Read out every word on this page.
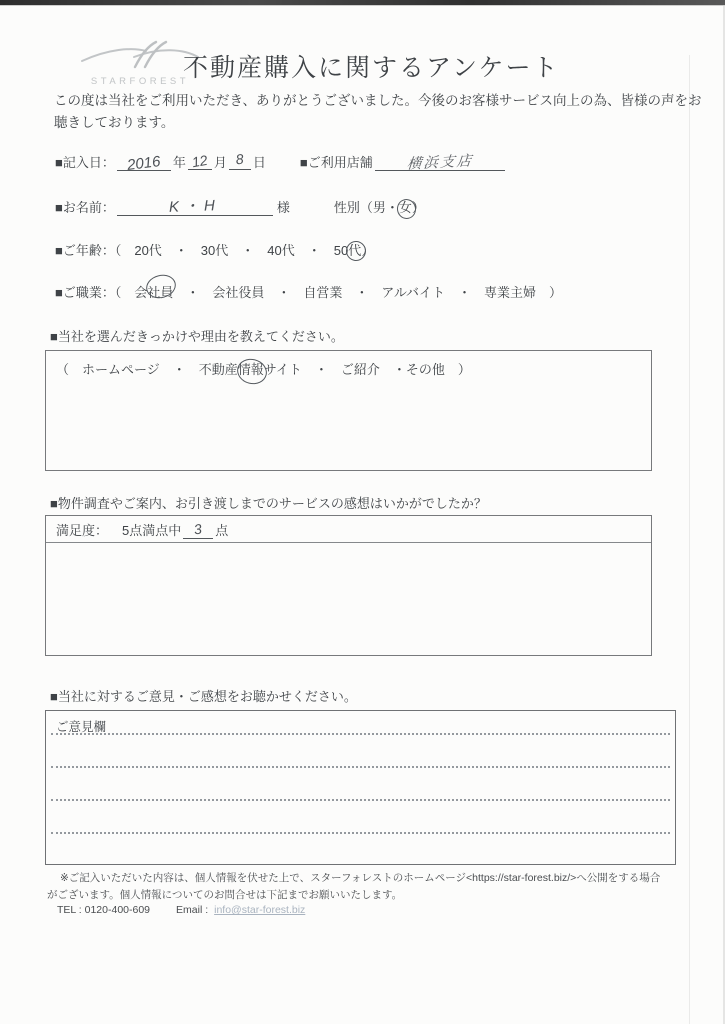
STARFOREST
不動産購入に関するアンケート
この度は当社をご利用いただき、ありがとうございました。今後のお客様サービス向上の為、皆様の声をお聴きしております。
■記入日： 2016 年 12 月 8 日	■ご利用店舗 横浜支店
■お名前：	K・H	様	性別（男・女）
■ご年齢：（　20代　・　30代　・　40代　・　50代）
■ご職業：（　会社員　・　会社役員　・　自営業　・　アルバイト　・　専業主婦　）
■当社を選んだきっかけや理由を教えてください。
（　ホームページ　・　不動産情報サイト　・　ご紹介　・その他　）
■物件調査やご案内、お引き渡しまでのサービスの感想はいかがでしたか？
満足度： 5点満点中 3 点
■当社に対するご意見・ご感想をお聴かせください。
ご意見欄
※ご記入いただいた内容は、個人情報を伏せた上で、スターフォレストのホームページ<https://star-forest.biz/>へ公開をする場合
がございます。個人情報についてのお問合せは下記までお願いいたします。
TEL : 0120-400-609 Email : info@star-forest.biz
